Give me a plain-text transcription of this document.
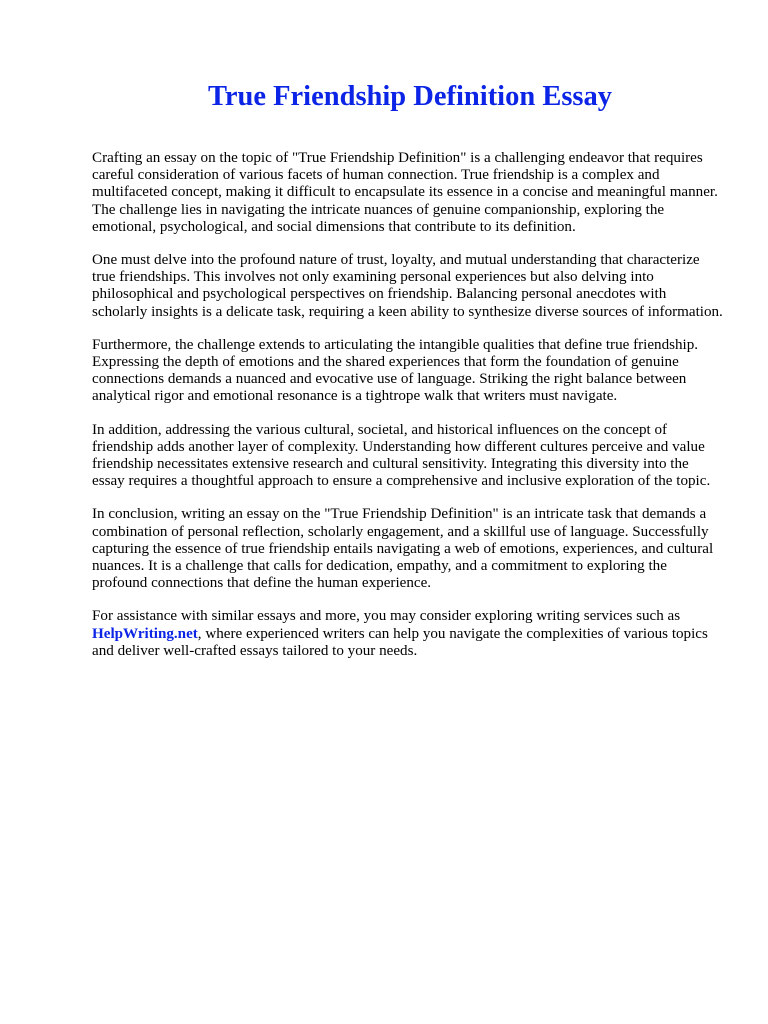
True Friendship Definition Essay

Crafting an essay on the topic of "True Friendship Definition" is a challenging endeavor that requires careful consideration of various facets of human connection. True friendship is a complex and multifaceted concept, making it difficult to encapsulate its essence in a concise and meaningful manner. The challenge lies in navigating the intricate nuances of genuine companionship, exploring the emotional, psychological, and social dimensions that contribute to its definition.

One must delve into the profound nature of trust, loyalty, and mutual understanding that characterize true friendships. This involves not only examining personal experiences but also delving into philosophical and psychological perspectives on friendship. Balancing personal anecdotes with scholarly insights is a delicate task, requiring a keen ability to synthesize diverse sources of information.

Furthermore, the challenge extends to articulating the intangible qualities that define true friendship. Expressing the depth of emotions and the shared experiences that form the foundation of genuine connections demands a nuanced and evocative use of language. Striking the right balance between analytical rigor and emotional resonance is a tightrope walk that writers must navigate.

In addition, addressing the various cultural, societal, and historical influences on the concept of friendship adds another layer of complexity. Understanding how different cultures perceive and value friendship necessitates extensive research and cultural sensitivity. Integrating this diversity into the essay requires a thoughtful approach to ensure a comprehensive and inclusive exploration of the topic.

In conclusion, writing an essay on the "True Friendship Definition" is an intricate task that demands a combination of personal reflection, scholarly engagement, and a skillful use of language. Successfully capturing the essence of true friendship entails navigating a web of emotions, experiences, and cultural nuances. It is a challenge that calls for dedication, empathy, and a commitment to exploring the profound connections that define the human experience.

For assistance with similar essays and more, you may consider exploring writing services such as HelpWriting.net, where experienced writers can help you navigate the complexities of various topics and deliver well-crafted essays tailored to your needs.
